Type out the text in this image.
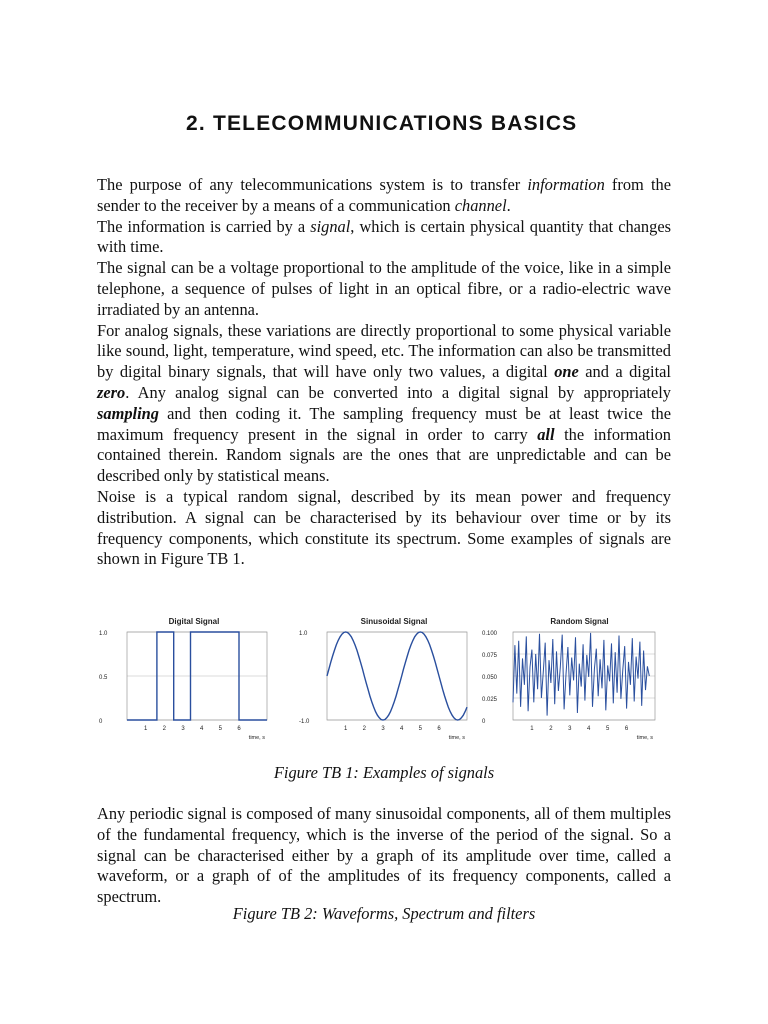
2. TELECOMMUNICATIONS BASICS

The purpose of any telecommunications system is to transfer information from the sender to the receiver by a means of a communication channel.

The information is carried by a signal, which is certain physical quantity that changes with time.

The signal can be a voltage proportional to the amplitude of the voice, like in a simple telephone, a sequence of pulses of light in an optical fibre, or a radio-electric wave irradiated by an antenna.

For analog signals, these variations are directly proportional to some physical variable like sound, light, temperature, wind speed, etc. The information can also be transmitted by digital binary signals, that will have only two values, a digital one and a digital zero. Any analog signal can be converted into a digital signal by appropriately sampling and then coding it. The sampling frequency must be at least twice the maximum frequency present in the signal in order to carry all the information contained therein. Random signals are the ones that are unpredictable and can be described only by statistical means.

Noise is a typical random signal, described by its mean power and frequency distribution. A signal can be characterised by its behaviour over time or by its frequency components, which constitute its spectrum. Some examples of signals are shown in Figure TB 1.

Digital Signal
1.0
0.5
0
1	2	3	4	5	6
time, s
Sinusoidal Signal
1.0
-1.0
1	2	3	4	5	6
time, s
Random Signal
0.100
0.075
0.050
0.025
0
1	2	3	4	5	6
time, s
Figure TB 1: Examples of signals

Any periodic signal is composed of many sinusoidal components, all of them multiples of the fundamental frequency, which is the inverse of the period of the signal. So a signal can be characterised either by a graph of its amplitude over time, called a waveform, or a graph of of the amplitudes of its frequency components, called a spectrum.

Figure TB 2: Waveforms, Spectrum and filters
